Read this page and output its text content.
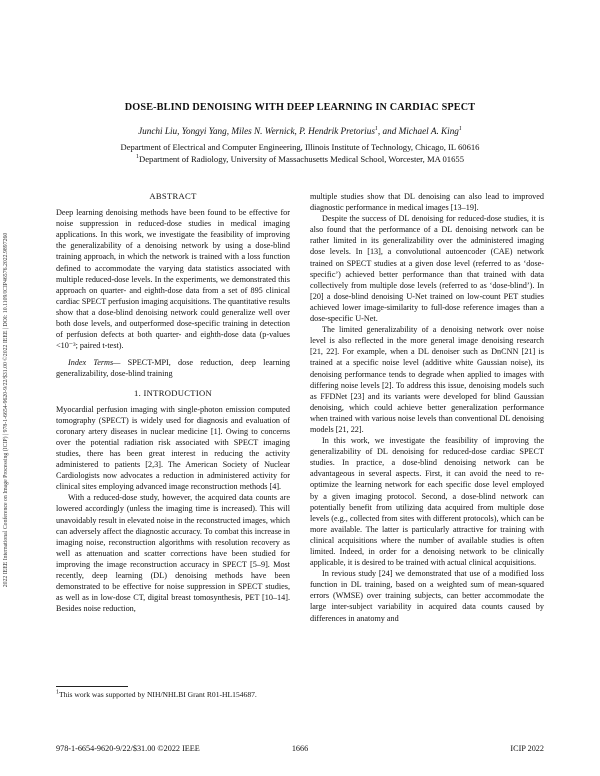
2022 IEEE International Conference on Image Processing (ICIP) | 978-1-6654-9620-9/22/$31.00 ©2022 IEEE | DOI: 10.1109/ICIP46576.2022.9897260
DOSE-BLIND DENOISING WITH DEEP LEARNING IN CARDIAC SPECT
Junchi Liu, Yongyi Yang, Miles N. Wernick, P. Hendrik Pretorius$^1$, and Michael A. King$^1$
Department of Electrical and Computer Engineering, Illinois Institute of Technology, Chicago, IL 60616
$^1$Department of Radiology, University of Massachusetts Medical School, Worcester, MA 01655

ABSTRACT

Deep learning denoising methods have been found to be effective for noise suppression in reduced-dose studies in medical imaging applications. In this work, we investigate the feasibility of improving the generalizability of a denoising network by using a dose-blind training approach, in which the network is trained with a loss function defined to accommodate the varying data statistics associated with multiple reduced-dose levels. In the experiments, we demonstrated this approach on quarter- and eighth-dose data from a set of 895 clinical cardiac SPECT perfusion imaging acquisitions. The quantitative results show that a dose-blind denoising network could generalize well over both dose levels, and outperformed dose-specific training in detection of perfusion defects at both quarter- and eighth-dose data (p-values <10⁻³; paired t-test).

Index Terms— SPECT-MPI, dose reduction, deep learning generalizability, dose-blind training

1. INTRODUCTION

Myocardial perfusion imaging with single-photon emission computed tomography (SPECT) is widely used for diagnosis and evaluation of coronary artery diseases in nuclear medicine [1]. Owing to concerns over the potential radiation risk associated with SPECT imaging studies, there has been great interest in reducing the activity administered to patients [2,3]. The American Society of Nuclear Cardiologists now advocates a reduction in administered activity for clinical sites employing advanced image reconstruction methods [4].

With a reduced-dose study, however, the acquired data counts are lowered accordingly (unless the imaging time is increased). This will unavoidably result in elevated noise in the reconstructed images, which can adversely affect the diagnostic accuracy. To combat this increase in imaging noise, reconstruction algorithms with resolution recovery as well as attenuation and scatter corrections have been studied for improving the image reconstruction accuracy in SPECT [5–9]. Most recently, deep learning (DL) denoising methods have been demonstrated to be effective for noise suppression in SPECT studies, as well as in low-dose CT, digital breast tomosynthesis, PET [10–14]. Besides noise reduction,

multiple studies show that DL denoising can also lead to improved diagnostic performance in medical images [13–19].

Despite the success of DL denoising for reduced-dose studies, it is also found that the performance of a DL denoising network can be rather limited in its generalizability over the administered imaging dose levels. In [13], a convolutional autoencoder (CAE) network trained on SPECT studies at a given dose level (referred to as ‘dose-specific’) achieved better performance than that trained with data collectively from multiple dose levels (referred to as ‘dose-blind’). In [20] a dose-blind denoising U-Net trained on low-count PET studies achieved lower image-similarity to full-dose reference images than a dose-specific U-Net.

The limited generalizability of a denoising network over noise level is also reflected in the more general image denoising research [21, 22]. For example, when a DL denoiser such as DnCNN [21] is trained at a specific noise level (additive white Gaussian noise), its denoising performance tends to degrade when applied to images with differing noise levels [2]. To address this issue, denoising models such as FFDNet [23] and its variants were developed for blind Gaussian denoising, which could achieve better generalization performance when trained with various noise levels than conventional DL denoising models [21, 22].

In this work, we investigate the feasibility of improving the generalizability of DL denoising for reduced-dose cardiac SPECT studies. In practice, a dose-blind denoising network can be advantageous in several aspects. First, it can avoid the need to re-optimize the learning network for each specific dose level employed by a given imaging protocol. Second, a dose-blind network can potentially benefit from utilizing data acquired from multiple dose levels (e.g., collected from sites with different protocols), which can be more available. The latter is particularly attractive for training with clinical acquisitions where the number of available studies is often limited. Indeed, in order for a denoising network to be clinically applicable, it is desired to be trained with actual clinical acquisitions.

In revious study [24] we demonstrated that use of a modified loss function in DL training, based on a weighted sum of mean-squared errors (WMSE) over training subjects, can better accommodate the large inter-subject variability in acquired data counts caused by differences in anatomy and

$^1$This work was supported by NIH/NHLBI Grant R01-HL154687.
978-1-6654-9620-9/22/$31.00 ©2022 IEEE	1666	ICIP 2022
